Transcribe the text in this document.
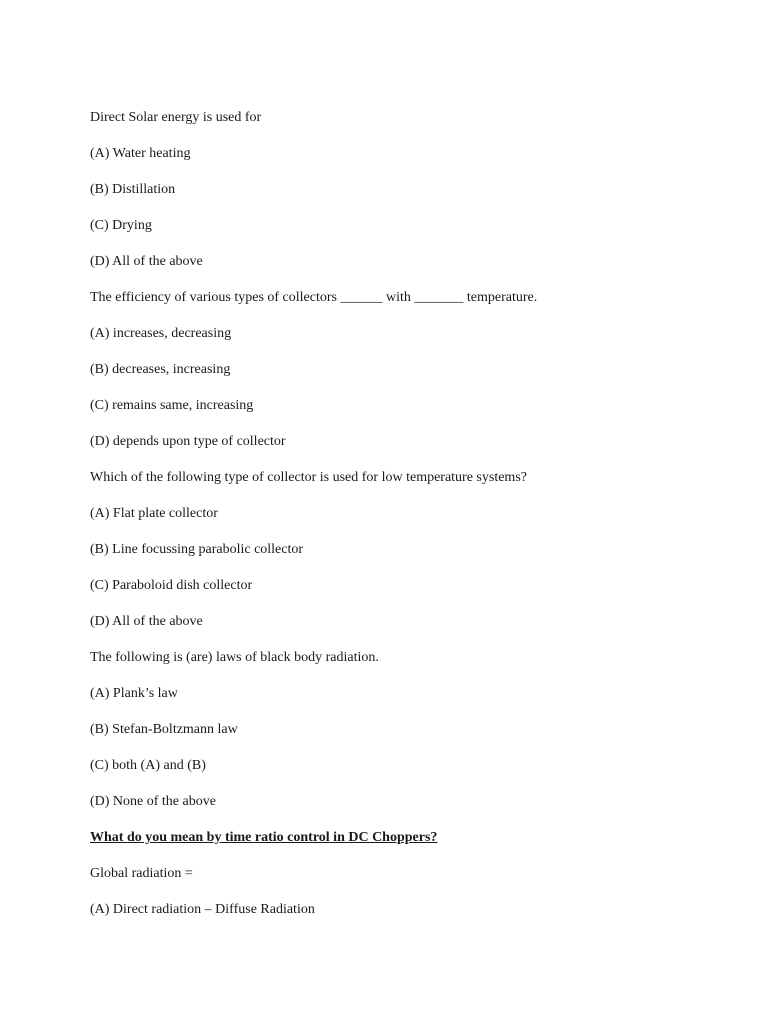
Direct Solar energy is used for
(A) Water heating
(B) Distillation
(C) Drying
(D) All of the above
The efficiency of various types of collectors ______ with _______ temperature.
(A) increases, decreasing
(B) decreases, increasing
(C) remains same, increasing
(D) depends upon type of collector
Which of the following type of collector is used for low temperature systems?
(A) Flat plate collector
(B) Line focussing parabolic collector
(C) Paraboloid dish collector
(D) All of the above
The following is (are) laws of black body radiation.
(A) Plank’s law
(B) Stefan-Boltzmann law
(C) both (A) and (B)
(D) None of the above
What do you mean by time ratio control in DC Choppers?
Global radiation =
(A) Direct radiation – Diffuse Radiation
